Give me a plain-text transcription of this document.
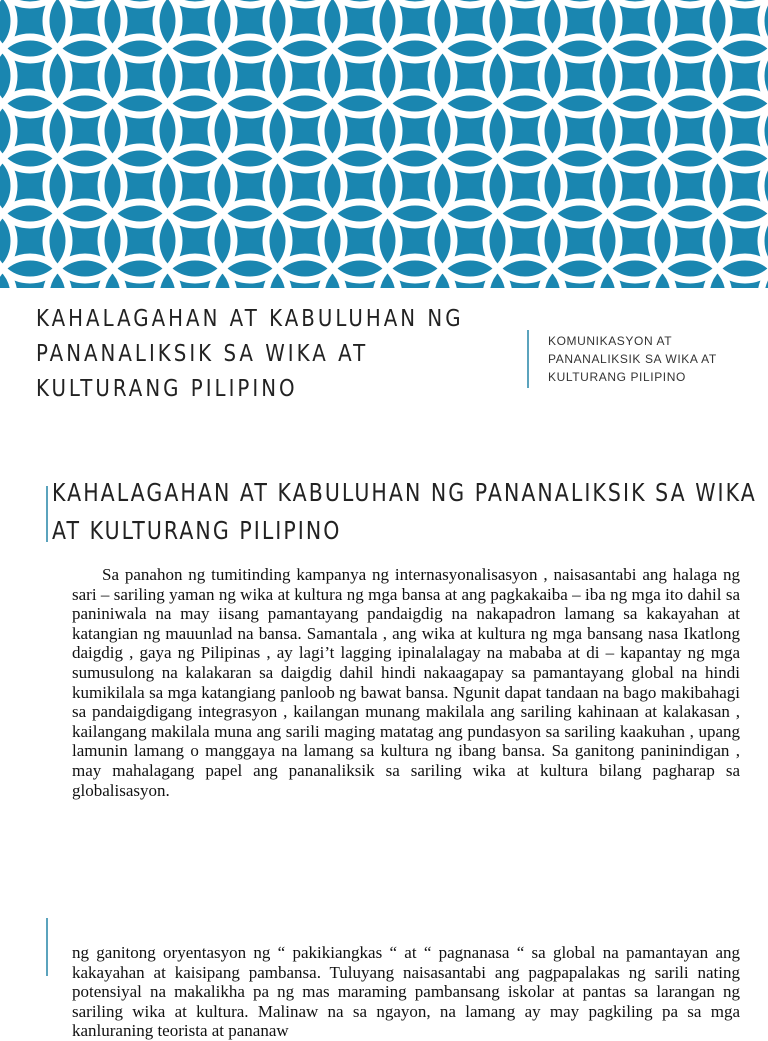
KAHALAGAHAN AT KABULUHAN NG PANANALIKSIK SA WIKA AT KULTURANG PILIPINO
KOMUNIKASYON AT PANANALIKSIK SA WIKA AT KULTURANG PILIPINO
KAHALAGAHAN AT KABULUHAN NG PANANALIKSIK SA WIKA AT KULTURANG PILIPINO

Sa panahon ng tumitinding kampanya ng internasyonalisasyon , naisasantabi ang halaga ng sari – sariling yaman ng wika at kultura ng mga bansa at ang pagkakaiba – iba ng mga ito dahil sa paniniwala na may iisang pamantayang pandaigdig na nakapadron lamang sa kakayahan at katangian ng mauunlad na bansa. Samantala , ang wika at kultura ng mga bansang nasa Ikatlong daigdig , gaya ng Pilipinas , ay lagi’t lagging ipinalalagay na mababa at di – kapantay ng mga sumusulong na kalakaran sa daigdig dahil hindi nakaagapay sa pamantayang global na hindi kumikilala sa mga katangiang panloob ng bawat bansa. Ngunit dapat tandaan na bago makibahagi sa pandaigdigang integrasyon , kailangan munang makilala ang sariling kahinaan at kalakasan , kailangang makilala muna ang sarili maging matatag ang pundasyon sa sariling kaakuhan , upang lamunin lamang o manggaya na lamang sa kultura ng ibang bansa. Sa ganitong paninindigan , may mahalagang papel ang pananaliksik sa sariling wika at kultura bilang pagharap sa globalisasyon.

ng ganitong oryentasyon ng “ pakikiangkas “ at “ pagnanasa “ sa global na pamantayan ang kakayahan at kaisipang pambansa. Tuluyang naisasantabi ang pagpapalakas ng sarili nating potensiyal na makalikha pa ng mas maraming pambansang iskolar at pantas sa larangan ng sariling wika at kultura. Malinaw na sa ngayon, na lamang ay may pagkiling pa sa mga kanluraning teorista at pananaw
